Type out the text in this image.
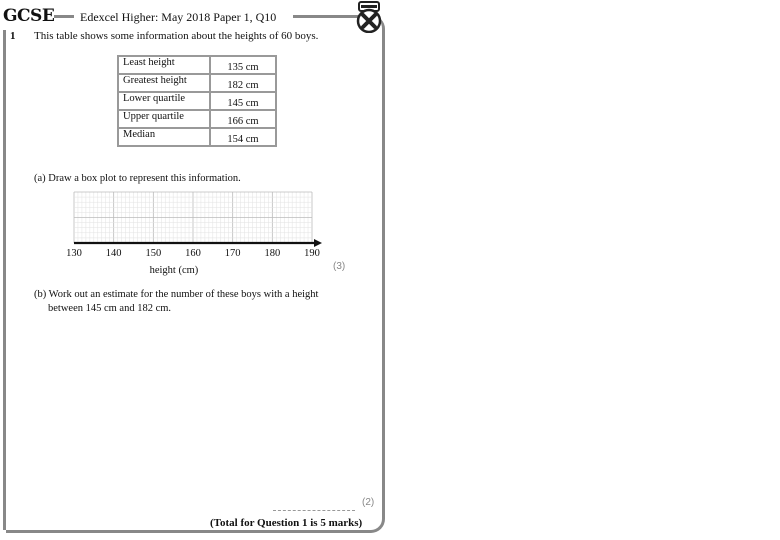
GCSE Edexcel Higher: May 2018 Paper 1, Q10
1 This table shows some information about the heights of 60 boys.
Least height	135 cm
Greatest height	182 cm
Lower quartile	145 cm
Upper quartile	166 cm
Median	154 cm
(a) Draw a box plot to represent this information.
130 140 150 160 170 180 190
height (cm)	(3)
(b) Work out an estimate for the number of these boys with a height
between 145 cm and 182 cm.
(2)
(Total for Question 1 is 5 marks)
